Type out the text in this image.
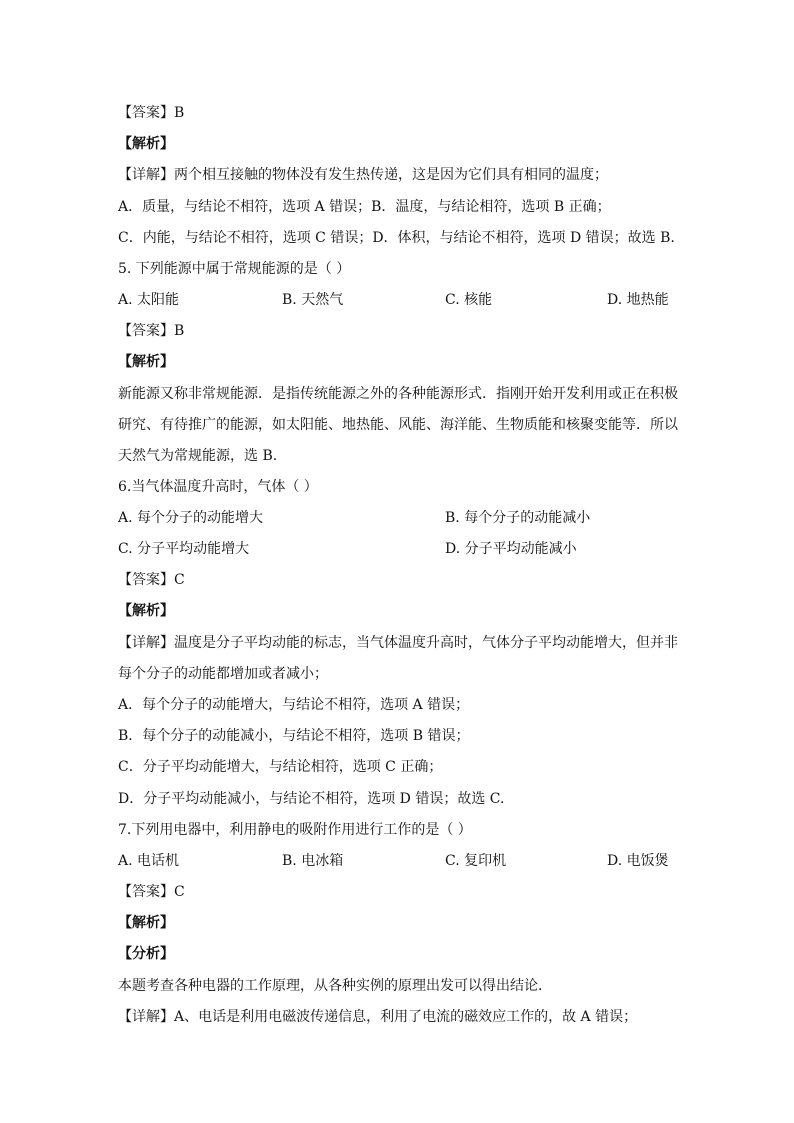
【答案】B
【解析】
【详解】两个相互接触的物体没有发生热传递，这是因为它们具有相同的温度；
A．质量，与结论不相符，选项 A 错误；B．温度，与结论相符，选项 B 正确；
C．内能，与结论不相符，选项 C 错误；D．体积，与结论不相符，选项 D 错误；故选 B.
5. 下列能源中属于常规能源的是（ ）
A. 太阳能	B. 天然气	C. 核能	D. 地热能
【答案】B
【解析】
新能源又称非常规能源．是指传统能源之外的各种能源形式．指刚开始开发利用或正在积极
研究、有待推广的能源，如太阳能、地热能、风能、海洋能、生物质能和核聚变能等．所以
天然气为常规能源，选 B.
6.当气体温度升高时，气体（ ）
A. 每个分子的动能增大	B. 每个分子的动能减小
C. 分子平均动能增大	D. 分子平均动能减小
【答案】C
【解析】
【详解】温度是分子平均动能的标志，当气体温度升高时，气体分子平均动能增大，但并非
每个分子的动能都增加或者减小；
A．每个分子的动能增大，与结论不相符，选项 A 错误；
B．每个分子的动能减小，与结论不相符，选项 B 错误；
C．分子平均动能增大，与结论相符，选项 C 正确；
D．分子平均动能减小，与结论不相符，选项 D 错误；故选 C.
7.下列用电器中，利用静电的吸附作用进行工作的是（ ）
A. 电话机	B. 电冰箱	C. 复印机	D. 电饭煲
【答案】C
【解析】
【分析】
本题考查各种电器的工作原理，从各种实例的原理出发可以得出结论．
【详解】A、电话是利用电磁波传递信息，利用了电流的磁效应工作的，故 A 错误；
